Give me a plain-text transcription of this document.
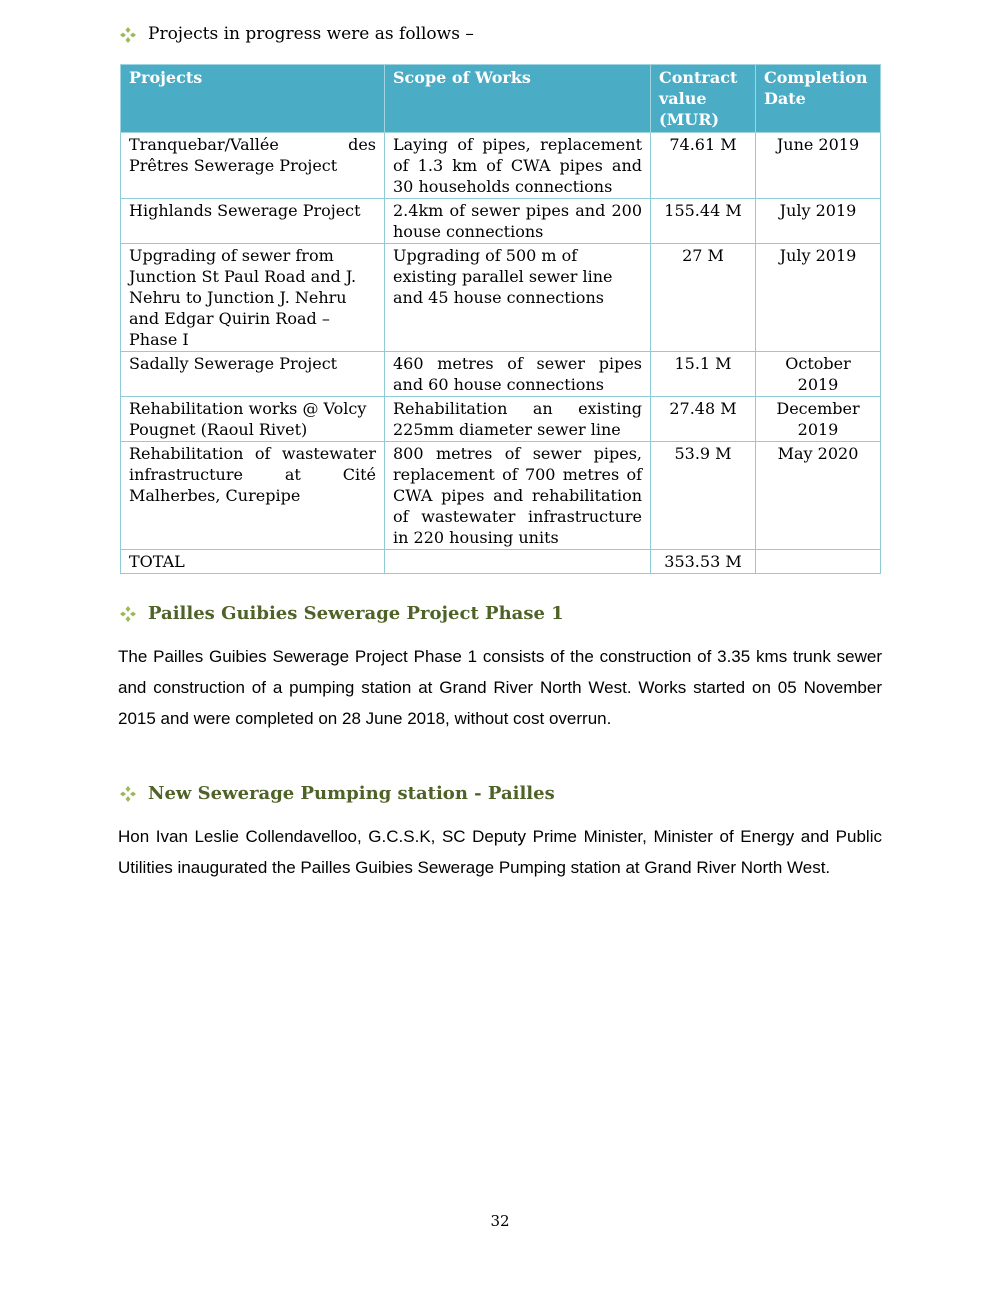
Projects in progress were as follows –
Projects	Scope of Works	Contract value (MUR)	Completion Date
Tranquebar/Vallée des Prêtres Sewerage Project	Laying of pipes, replacement of 1.3 km of CWA pipes and 30 households connections	74.61 M	June 2019
Highlands Sewerage Project	2.4km of sewer pipes and 200 house connections	155.44 M	July 2019
Upgrading of sewer from Junction St Paul Road and J. Nehru to Junction J. Nehru and Edgar Quirin Road – Phase I	Upgrading of 500 m of existing parallel sewer line and 45 house connections	27 M	July 2019
Sadally Sewerage Project	460 metres of sewer pipes and 60 house connections	15.1 M	October 2019
Rehabilitation works @ Volcy Pougnet (Raoul Rivet)	Rehabilitation an existing 225mm diameter sewer line	27.48 M	December 2019
Rehabilitation of wastewater infrastructure at Cité Malherbes, Curepipe	800 metres of sewer pipes, replacement of 700 metres of CWA pipes and rehabilitation of wastewater infrastructure in 220 housing units	53.9 M	May 2020
TOTAL		353.53 M	
Pailles Guibies Sewerage Project Phase 1

The Pailles Guibies Sewerage Project Phase 1 consists of the construction of 3.35 kms trunk sewer and construction of a pumping station at Grand River North West. Works started on 05 November 2015 and were completed on 28 June 2018, without cost overrun.

New Sewerage Pumping station - Pailles

Hon Ivan Leslie Collendavelloo, G.C.S.K, SC Deputy Prime Minister, Minister of Energy and Public Utilities inaugurated the Pailles Guibies Sewerage Pumping station at Grand River North West.

32
